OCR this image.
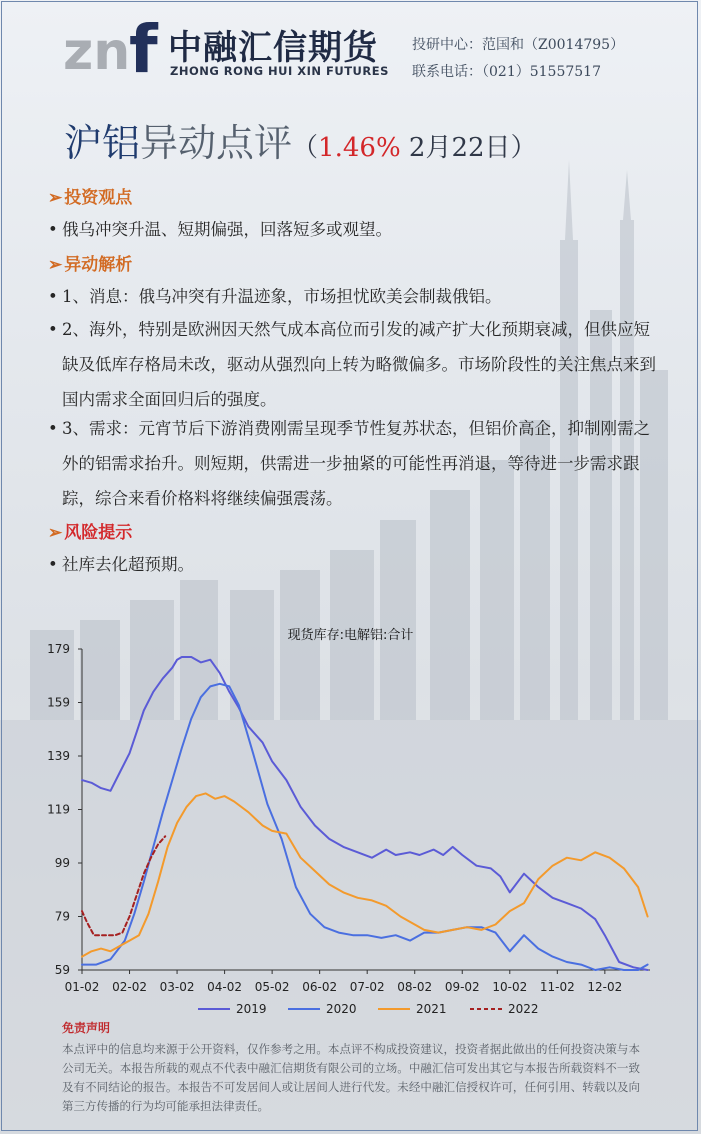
zn
f 中融汇信期货
ZHONG RONG HUI XIN FUTURES
投研中心：范国和（Z0014795）
联系电话：（021）51557517
沪铝异动点评（1.46% 2月22日）
➢ 投资观点
• 俄乌冲突升温、短期偏强，回落短多或观望。
➢ 异动解析
• 1、消息：俄乌冲突有升温迹象，市场担忧欧美会制裁俄铝。
• 2、海外，特别是欧洲因天然气成本高位而引发的减产扩大化预期衰减，但供应短缺及低库存格局未改，驱动从强烈向上转为略微偏多。市场阶段性的关注焦点来到国内需求全面回归后的强度。
• 3、需求：元宵节后下游消费刚需呈现季节性复苏状态，但铝价高企，抑制刚需之外的铝需求抬升。则短期，供需进一步抽紧的可能性再消退，等待进一步需求跟踪，综合来看价格料将继续偏强震荡。
➢ 风险提示
• 社库去化超预期。
现货库存:电解铝:合计
59
79
99
119
139
159
179
01-02 02-02 03-02 04-02 05-02 06-02 07-02 08-02 09-02 10-02 11-02 12-02
2019	2020	2021	2022
免责声明
本点评中的信息均来源于公开资料，仅作参考之用。本点评不构成投资建议，投资者据此做出的任何投资决策与本公司无关。本报告所载的观点不代表中融汇信期货有限公司的立场。中融汇信可发出其它与本报告所载资料不一致及有不同结论的报告。本报告不可发居间人或让居间人进行代发。未经中融汇信授权许可，任何引用、转载以及向第三方传播的行为均可能承担法律责任。
